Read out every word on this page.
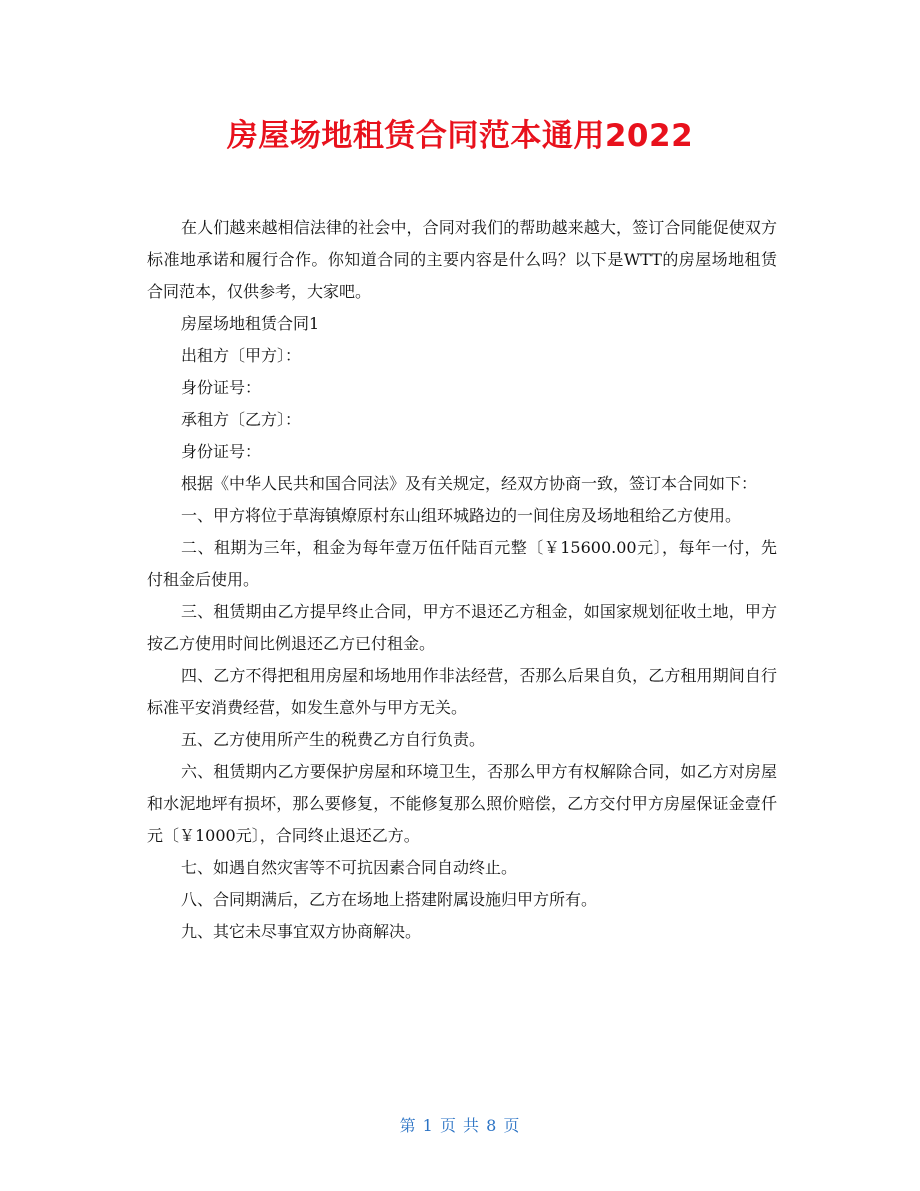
房屋场地租赁合同范本通用2022

在人们越来越相信法律的社会中，合同对我们的帮助越来越大，签订合同能促使双方标准地承诺和履行合作。你知道合同的主要内容是什么吗？以下是WTT的房屋场地租赁合同范本，仅供参考，大家吧。

房屋场地租赁合同1

出租方〔甲方〕：

身份证号：

承租方〔乙方〕：

身份证号：

根据《中华人民共和国合同法》及有关规定，经双方协商一致，签订本合同如下：

一、甲方将位于草海镇燎原村东山组环城路边的一间住房及场地租给乙方使用。

二、租期为三年，租金为每年壹万伍仟陆百元整〔￥15600.00元〕，每年一付，先付租金后使用。

三、租赁期由乙方提早终止合同，甲方不退还乙方租金，如国家规划征收土地，甲方按乙方使用时间比例退还乙方已付租金。

四、乙方不得把租用房屋和场地用作非法经营，否那么后果自负，乙方租用期间自行标准平安消费经营，如发生意外与甲方无关。

五、乙方使用所产生的税费乙方自行负责。

六、租赁期内乙方要保护房屋和环境卫生，否那么甲方有权解除合同，如乙方对房屋和水泥地坪有损坏，那么要修复，不能修复那么照价赔偿，乙方交付甲方房屋保证金壹仟元〔￥1000元〕，合同终止退还乙方。

七、如遇自然灾害等不可抗因素合同自动终止。

八、合同期满后，乙方在场地上搭建附属设施归甲方所有。

九、其它未尽事宜双方协商解决。

第 1 页 共 8 页
